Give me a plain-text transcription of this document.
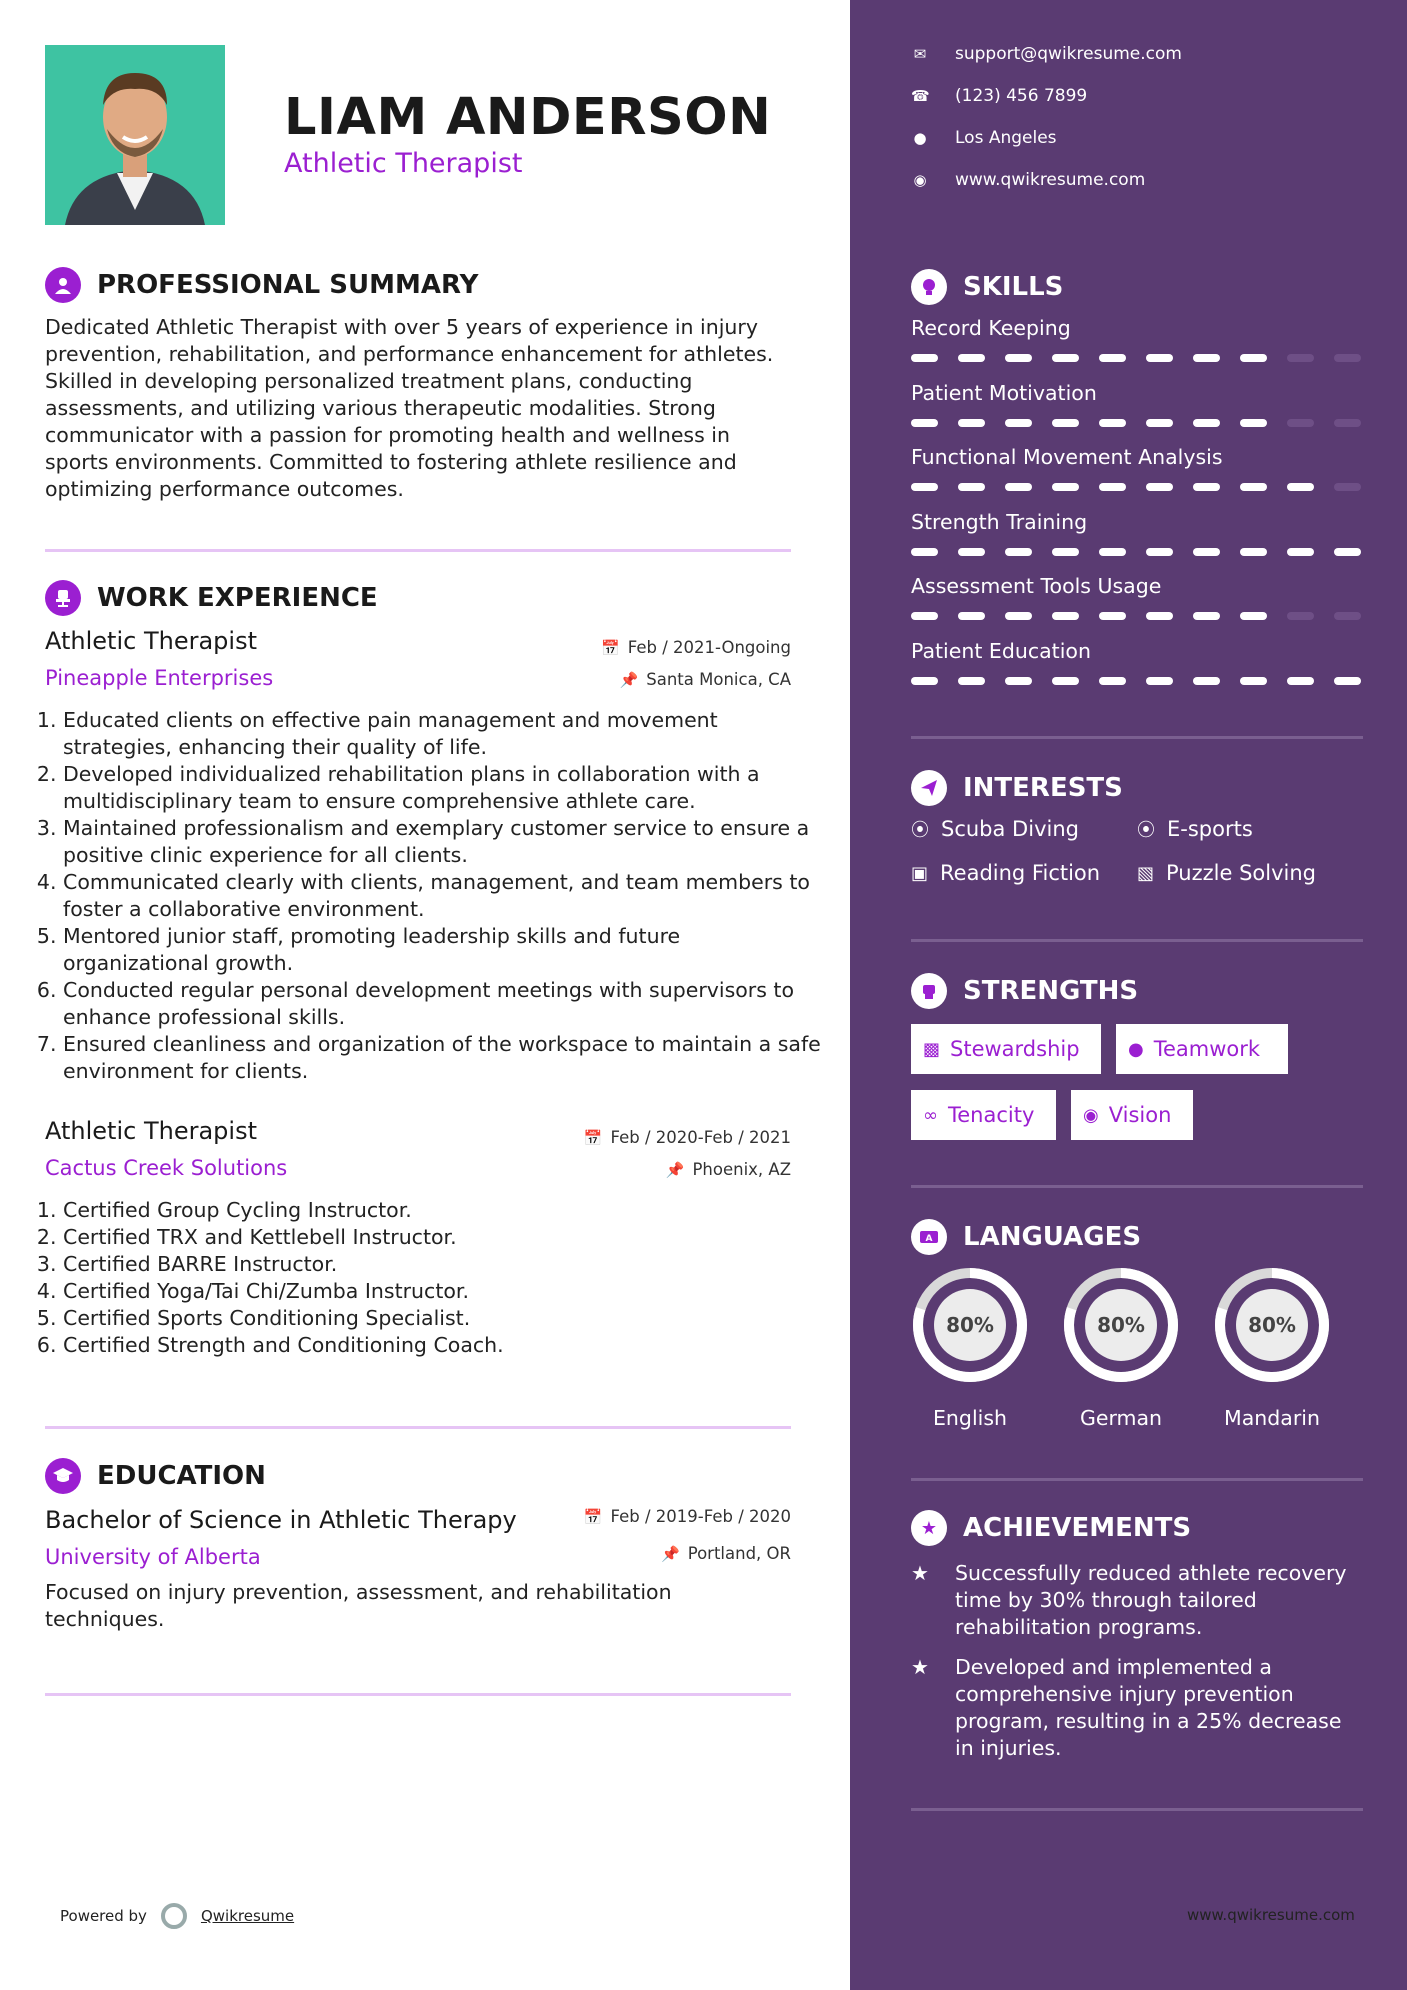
LIAM ANDERSON
Athletic Therapist
PROFESSIONAL SUMMARY
Dedicated Athletic Therapist with over 5 years of experience in injury prevention, rehabilitation, and performance enhancement for athletes. Skilled in developing personalized treatment plans, conducting assessments, and utilizing various therapeutic modalities. Strong communicator with a passion for promoting health and wellness in sports environments. Committed to fostering athlete resilience and optimizing performance outcomes.
WORK EXPERIENCE
Athletic Therapist
Pineapple Enterprises
📅 Feb / 2021-Ongoing
📌 Santa Monica, CA
1. Educated clients on effective pain management and movement strategies, enhancing their quality of life.
2. Developed individualized rehabilitation plans in collaboration with a multidisciplinary team to ensure comprehensive athlete care.
3. Maintained professionalism and exemplary customer service to ensure a positive clinic experience for all clients.
4. Communicated clearly with clients, management, and team members to foster a collaborative environment.
5. Mentored junior staff, promoting leadership skills and future organizational growth.
6. Conducted regular personal development meetings with supervisors to enhance professional skills.
7. Ensured cleanliness and organization of the workspace to maintain a safe environment for clients.
Athletic Therapist
Cactus Creek Solutions
📅 Feb / 2020-Feb / 2021
📌 Phoenix, AZ
1. Certified Group Cycling Instructor.
2. Certified TRX and Kettlebell Instructor.
3. Certified BARRE Instructor.
4. Certified Yoga/Tai Chi/Zumba Instructor.
5. Certified Sports Conditioning Specialist.
6. Certified Strength and Conditioning Coach.
EDUCATION
Bachelor of Science in Athletic Therapy
University of Alberta
📅 Feb / 2019-Feb / 2020
📌 Portland, OR
Focused on injury prevention, assessment, and rehabilitation techniques.
Powered by	Qwikresume
✉ support@qwikresume.com
☎ (123) 456 7899
● Los Angeles
◉ www.qwikresume.com
SKILLS
Record Keeping
Patient Motivation
Functional Movement Analysis
Strength Training
Assessment Tools Usage
Patient Education
INTERESTS
⦿ Scuba Diving	⦿ E-sports
▣ Reading Fiction ▧ Puzzle Solving
STRENGTHS
▩ Stewardship	● Teamwork
∞ Tenacity	◉ Vision
A LANGUAGES
80%
English
80%
German
80%
Mandarin
★ ACHIEVEMENTS
★	Successfully reduced athlete recovery time by 30% through tailored rehabilitation programs.
★	Developed and implemented a comprehensive injury prevention program, resulting in a 25% decrease in injuries.
www.qwikresume.com
